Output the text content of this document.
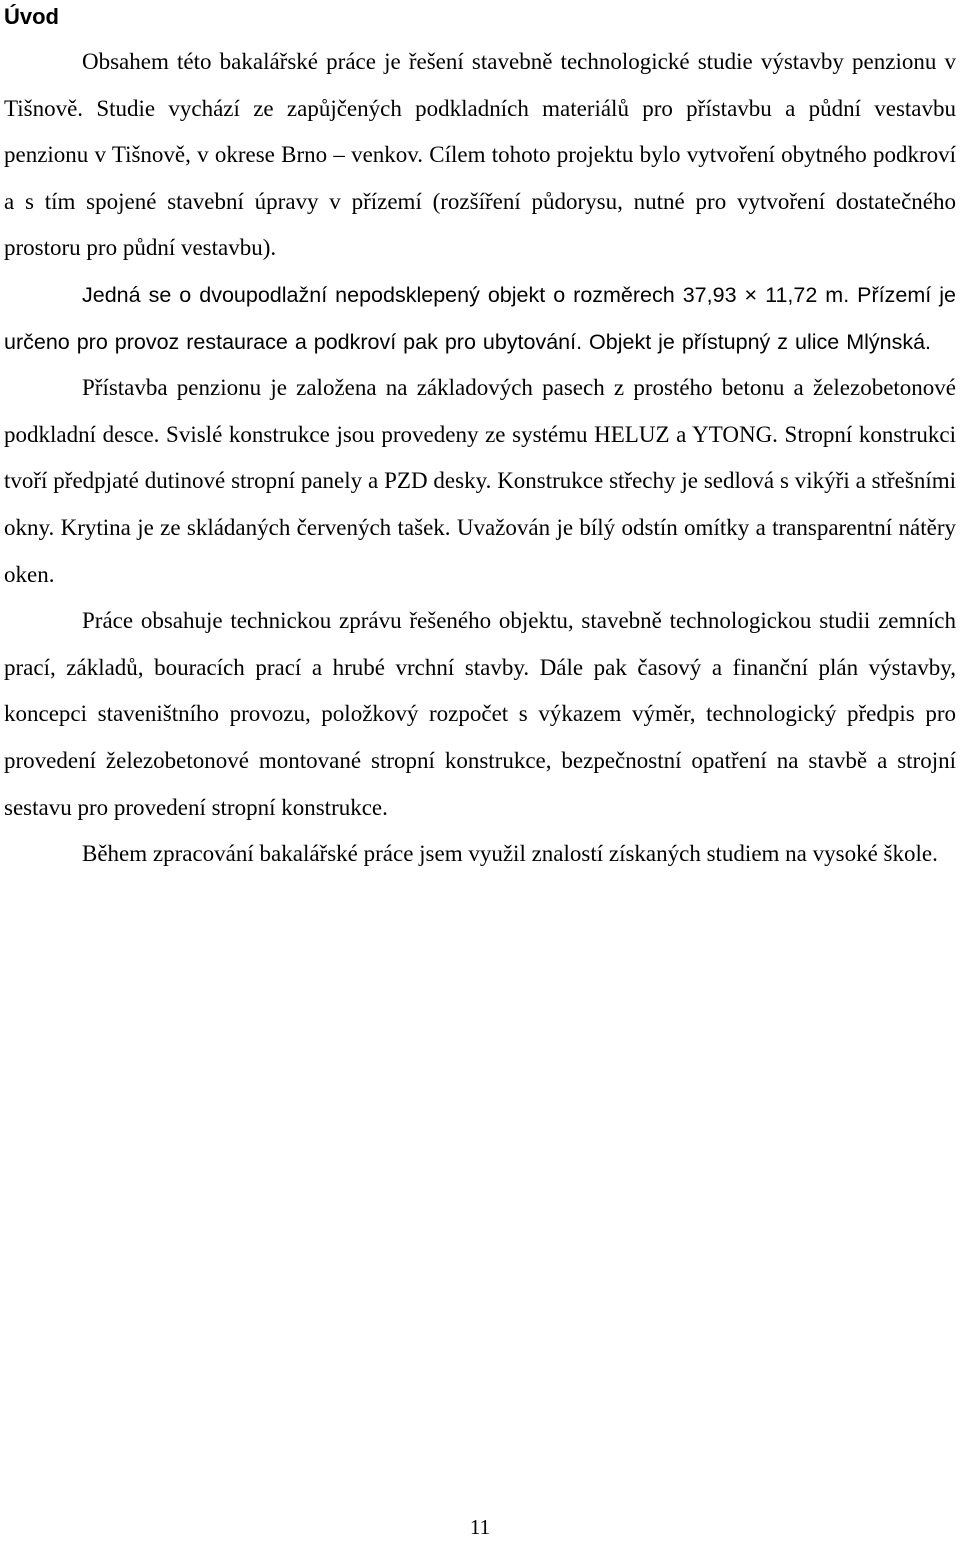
Úvod

Obsahem této bakalářské práce je řešení stavebně technologické studie výstavby penzionu v Tišnově. Studie vychází ze zapůjčených podkladních materiálů pro přístavbu a půdní vestavbu penzionu v Tišnově, v okrese Brno – venkov. Cílem tohoto projektu bylo vytvoření obytného podkroví a s tím spojené stavební úpravy v přízemí (rozšíření půdorysu, nutné pro vytvoření dostatečného prostoru pro půdní vestavbu).

Jedná se o dvoupodlažní nepodsklepený objekt o rozměrech 37,93 × 11,72 m. Přízemí je určeno pro provoz restaurace a podkroví pak pro ubytování. Objekt je přístupný z ulice Mlýnská.

Přístavba penzionu je založena na základových pasech z prostého betonu a železobetonové podkladní desce. Svislé konstrukce jsou provedeny ze systému HELUZ a YTONG. Stropní konstrukci tvoří předpjaté dutinové stropní panely a PZD desky. Konstrukce střechy je sedlová s vikýři a střešními okny. Krytina je ze skládaných červených tašek. Uvažován je bílý odstín omítky a transparentní nátěry oken.

Práce obsahuje technickou zprávu řešeného objektu, stavebně technologickou studii zemních prací, základů, bouracích prací a hrubé vrchní stavby. Dále pak časový a finanční plán výstavby, koncepci staveništního provozu, položkový rozpočet s výkazem výměr, technologický předpis pro provedení železobetonové montované stropní konstrukce, bezpečnostní opatření na stavbě a strojní sestavu pro provedení stropní konstrukce.

Během zpracování bakalářské práce jsem využil znalostí získaných studiem na vysoké škole.

11
